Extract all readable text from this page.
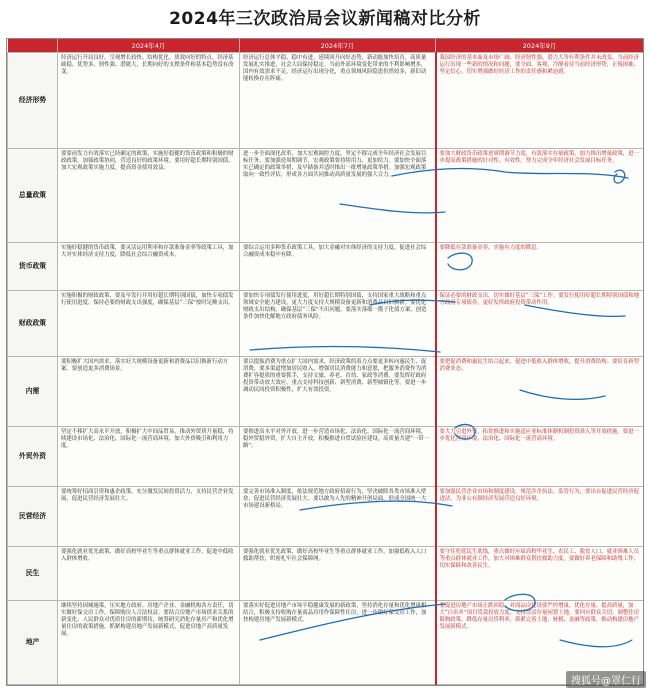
2024年三次政治局会议新闻稿对比分析
	2024年4月	2024年7月	2024年9月
经济形势	经济运行开局良好，呈现增长较快、结构优化、质效向好的特点，经济基础稳、优势多、韧性强、潜能大，长期向好的支撑条件和基本趋势没有改变。	经济运行总体平稳、稳中有进，延续回升向好态势，新动能加快培育，高质量发展扎实推进，社会大局保持稳定。当前外部环境变化带来的不利影响增多，国内有效需求不足，经济运行出现分化，重点领域风险隐患仍然较多，新旧动能转换存在阵痛。	我国经济的基本面及市场广阔、经济韧性强、潜力大等有利条件并未改变。当前经济运行出现一些新的情况和问题，要全面、客观、冷静看待当前经济形势，正视困难、坚定信心，切实增强做好经济工作的责任感和紧迫感。
总量政策	要靠前发力有效落实已经确定的政策，实施好稳健的货币政策和积极的财政政策，加强政策协同，营造良好的政策环境。要用好超长期特别国债，加大宏观政策实施力度，提高资金使用效益。	进一步全面深化改革，加大宏观调控力度，坚定不移完成全年经济社会发展目标任务。要加强逆周期调节，宏观政策要持续用力、更加给力。要加快全面落实已确定的政策举措，及早储备并适时推出一批增量政策举措。加强宏观政策取向一致性评估，形成各方面共同推动高质量发展的强大合力。	要加大财政货币政策逆周期调节力度，有效落实存量政策，加力推出增量政策，进一步提高政策措施的针对性、有效性。努力完成全年经济社会发展目标任务。
货币政策	实施好稳健的货币政策，要灵活运用利率和存款准备金率等政策工具，加大对实体经济支持力度，降低社会综合融资成本。	要综合运用多种货币政策工具，加大金融对实体经济的支持力度，促进社会综合融资成本稳中有降。	要降低存款准备金率，实施有力度的降息。
财政政策	实施积极的财政政策，要及早发行并用好超长期特别国债，加快专项债发行使用进度，保持必要的财政支出强度，确保基层“三保”按时足额支出。	要加快专项债发行使用进度，用好超长期特别国债，支持国家重大战略和重点领域安全能力建设，更大力度支持大规模设备更新和消费品以旧换新。要优化财政支出结构，确保基层“三保”不出问题。要落实落细一揽子化债方案，创造条件加快化解地方政府债务风险。	保证必要的财政支出，切实做好基层“三保”工作。要发行使用好超长期特别国债和地方政府专项债券，更好发挥政府投资带动作用。
内需	要积极扩大国内需求，落实好大规模设备更新和消费品以旧换新行动方案。要创造更多消费场景。	要以提振消费为重点扩大国内需求，经济政策的着力点要更多转向惠民生、促消费，要多渠道增加居民收入，增强居民消费能力和意愿，把服务消费作为消费扩容提质的重要抓手，支持文旅、养老、育幼、家政等消费。要发挥好政府投资带动放大效应，重点支持科技创新、新型消费、新型城镇化等。要进一步调动民间投资积极性，扩大有效投资。	要把促消费和惠民生结合起来，促进中低收入群体增收，提升消费结构。要培育新型消费业态。
外贸外资	坚定不移扩大高水平开放，积极扩大中间品贸易，推动外贸质升量稳，持续建设市场化、法治化、国际化一流营商环境，加大外资吸引和利用力度。	要推进高水平对外开放，进一步营造市场化、法治化、国际化一流营商环境，稳外贸稳外资，扩大自主开放，积极推进自贸试验区建设，高质量共建“一带一路”。	要大力引进外资，拓宽推进和实施适应业标准体制机制投资准入等开放措施。要进一步优化营商环境，法治化、国际化一流营商环境。
民营经济	要统筹好招商引资和惠企政策，充分激发民间投资活力，支持民营企业发展，促进民营经济发展壮大。	要完善市场准入制度，依法规范地方政府招商行为，坚决破除各类市场准入壁垒，促进民营经济发展壮大。要以敢为人先的精神开创局面，形成全国统一大市场建设新格局。	要加强民营企业市场和制度建设，规范涉企执法、监管行为，要出台促进民营经济促进法，为非公有制经济发展营造良好环境。
民生	要强化就业优先政策，做好高校毕业生等重点群体就业工作，促进中低收入群体增收。	要强化就业优先政策，做好高校毕业生等重点群体就业工作，加强低收入人口救助帮扶，织密扎牢社会保障网。	要守住兜底民生底线，重点做好应届高校毕业生、农民工、脱贫人口、就业困难人员等重点群体就业工作，加大对困难群众帮扶救助力度。要做好养老保障和助残工作，切实保障和改善民生。
地产	继续坚持因城施策，压实地方政府、房地产企业、金融机构各方责任，切实做好保交房工作，保障购房人合法权益。要结合房地产市场供求关系的新变化、人民群众对优质住房的新期待，统筹研究消化存量房产和优化增量住房的政策措施，抓紧构建房地产发展新模式，促进房地产高质量发展。	要落实好促进房地产市场平稳健康发展的新政策，坚持消化存量和优化增量相结合，积极支持收购存量商品房用作保障性住房，进一步做好保交房工作，加快构建房地产发展新模式。	要促进房地产市场止跌回稳，对商品房建设要严控增量、优化存量、提高质量，加大“白名单”项目贷款投放力度，支持盘活存量闲置土地。要回应群众关切，调整住房限购政策，降低存量房贷利率，抓紧完善土地、财税、金融等政策，推动构建房地产发展新模式。
搜狐号@罩仁行
